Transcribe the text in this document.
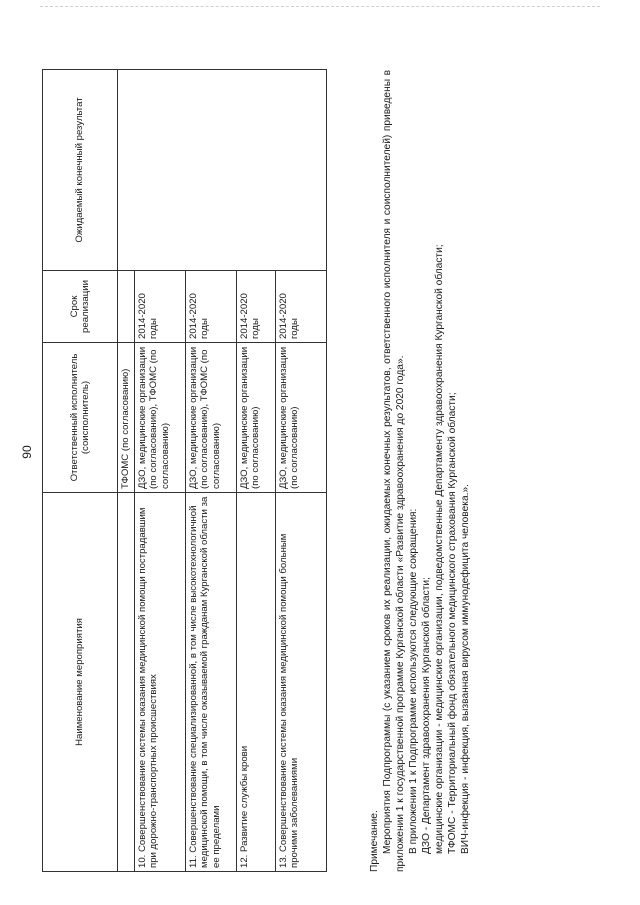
90
Наименование мероприятия	Ответственный исполнитель (соисполнитель)	Срок реализации	Ожидаемый конечный результат
	ТФОМС (по согласованию)		
10. Совершенствование системы оказания медицинской помощи пострадавшим при дорожно-транспортных происшествиях	ДЗО, медицинские организации (по согласованию), ТФОМС (по согласованию)	2014-2020 годы	
11. Совершенствование специализированной, в том числе высокотехнологичной медицинской помощи, в том числе оказываемой гражданам Курганской области за ее пределами	ДЗО, медицинские организации (по согласованию), ТФОМС (по согласованию)	2014-2020 годы	
12. Развитие службы крови	ДЗО, медицинские организации (по согласованию)	2014-2020 годы	
13. Совершенствование системы оказания медицинской помощи больным прочими заболеваниями	ДЗО, медицинские организации (по согласованию)	2014-2020 годы	

Примечание. Мероприятия Подпрограммы (с указанием сроков их реализации, ожидаемых конечных результатов, ответственного исполнителя и соисполнителей) приведены в приложении 1 к государственной программе Курганской области «Развитие здравоохранения до 2020 года». В приложении 1 к Подпрограмме используются следующие сокращения: ДЗО - Департамент здравоохранения Курганской области; медицинские организации - медицинские организации, подведомственные Департаменту здравоохранения Курганской области; ТФОМС - Территориальный фонд обязательного медицинского страхования Курганской области; ВИЧ-инфекция - инфекция, вызванная вирусом иммунодефицита человека.».
